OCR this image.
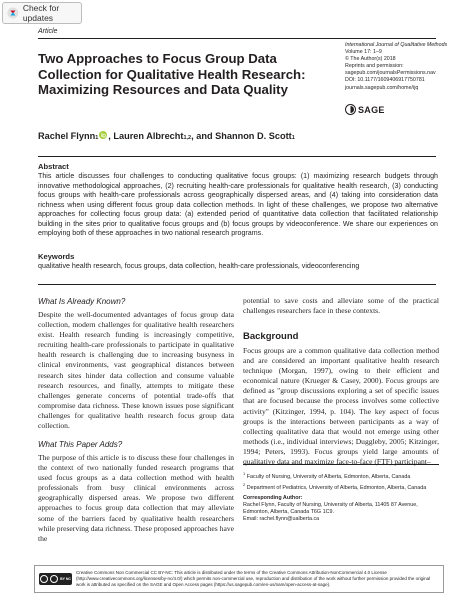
Check for updates
Article
Two Approaches to Focus Group Data Collection for Qualitative Health Research: Maximizing Resources and Data Quality
International Journal of Qualitative Methods
Volume 17: 1–9
© The Author(s) 2018
Reprints and permission:
sagepub.com/journalsPermissions.nav
DOI: 10.1177/1609406917750781
journals.sagepub.com/home/ijq
SAGE
Rachel Flynn$_1$ , Lauren Albrecht$_{1,2}$ , and Shannon D. Scott$_1$
Abstract

This article discusses four challenges to conducting qualitative focus groups: (1) maximizing research budgets through innovative methodological approaches, (2) recruiting health-care professionals for qualitative health research, (3) conducting focus groups with health-care professionals across geographically dispersed areas, and (4) taking into consideration data richness when using different focus group data collection methods. In light of these challenges, we propose two alternative approaches for collecting focus group data: (a) extended period of quantitative data collection that facilitated relationship building in the sites prior to qualitative focus groups and (b) focus groups by videoconference. We share our experiences on employing both of these approaches in two national research programs.

Keywords

qualitative health research, focus groups, data collection, health-care professionals, videoconferencing

What Is Already Known?

Despite the well-documented advantages of focus group data collection, modern challenges for qualitative health researchers exist. Health research funding is increasingly competitive, recruiting health-care professionals to participate in qualitative health research is challenging due to increasing busyness in clinical environments, vast geographical distances between research sites hinder data collection and consume valuable research resources, and finally, attempts to mitigate these challenges generate concerns of potential trade-offs that compromise data richness. These known issues pose significant challenges for qualitative health research focus group data collection.

What This Paper Adds?

The purpose of this article is to discuss these four challenges in the context of two nationally funded research programs that used focus groups as a data collection method with health professionals from busy clinical environments across geographically dispersed areas. We propose two different approaches to focus group data collection that may alleviate some of the barriers faced by qualitative health researchers while preserving data richness. These proposed approaches have the

potential to save costs and alleviate some of the practical challenges researchers face in these contexts.

Background

Focus groups are a common qualitative data collection method and are considered an important qualitative health research technique (Morgan, 1997), owing to their efficient and economical nature (Krueger & Casey, 2000). Focus groups are defined as "group discussions exploring a set of specific issues that are focused because the process involves some collective activity" (Kitzinger, 1994, p. 104). The key aspect of focus groups is the interactions between participants as a way of collecting qualitative data that would not emerge using other methods (i.e., individual interviews; Duggleby, 2005; Kitzinger, 1994; Peters, 1993). Focus groups yield large amounts of qualitative data and maximize face-to-face (FTF) participant–

$^1$ Faculty of Nursing, University of Alberta, Edmonton, Alberta, Canada
$^2$ Department of Pediatrics, University of Alberta, Edmonton, Alberta, Canada
Corresponding Author:
Rachel Flynn, Faculty of Nursing, University of Alberta, 11405 87 Avenue,
Edmonton, Alberta, Canada T6G 1C9.
Email: rachel.flynn@ualberta.ca
BY NC
Creative Commons Non Commercial CC BY-NC: This article is distributed under the terms of the Creative Commons Attribution-NonCommercial 4.0 License (http://www.creativecommons.org/licenses/by-nc/4.0/) which permits non-commercial use, reproduction and distribution of the work without further permission provided the original work is attributed as specified on the SAGE and Open Access pages (https://us.sagepub.com/en-us/nam/open-access-at-sage).
